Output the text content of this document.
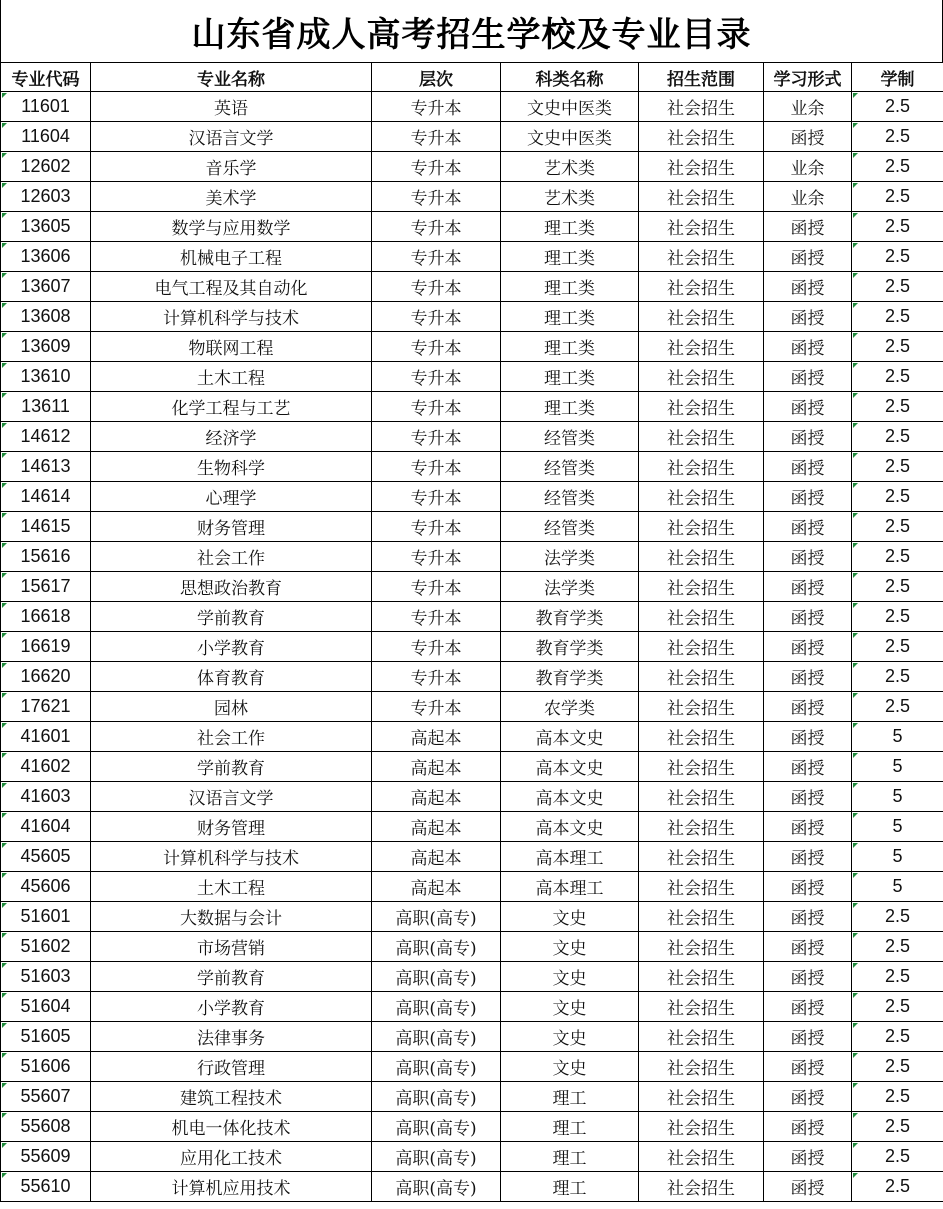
山东省成人高考招生学校及专业目录
专业代码	专业名称	层次	科类名称	招生范围	学习形式	学制
11601	英语	专升本	文史中医类	社会招生	业余	2.5
11604	汉语言文学	专升本	文史中医类	社会招生	函授	2.5
12602	音乐学	专升本	艺术类	社会招生	业余	2.5
12603	美术学	专升本	艺术类	社会招生	业余	2.5
13605	数学与应用数学	专升本	理工类	社会招生	函授	2.5
13606	机械电子工程	专升本	理工类	社会招生	函授	2.5
13607	电气工程及其自动化	专升本	理工类	社会招生	函授	2.5
13608	计算机科学与技术	专升本	理工类	社会招生	函授	2.5
13609	物联网工程	专升本	理工类	社会招生	函授	2.5
13610	土木工程	专升本	理工类	社会招生	函授	2.5
13611	化学工程与工艺	专升本	理工类	社会招生	函授	2.5
14612	经济学	专升本	经管类	社会招生	函授	2.5
14613	生物科学	专升本	经管类	社会招生	函授	2.5
14614	心理学	专升本	经管类	社会招生	函授	2.5
14615	财务管理	专升本	经管类	社会招生	函授	2.5
15616	社会工作	专升本	法学类	社会招生	函授	2.5
15617	思想政治教育	专升本	法学类	社会招生	函授	2.5
16618	学前教育	专升本	教育学类	社会招生	函授	2.5
16619	小学教育	专升本	教育学类	社会招生	函授	2.5
16620	体育教育	专升本	教育学类	社会招生	函授	2.5
17621	园林	专升本	农学类	社会招生	函授	2.5
41601	社会工作	高起本	高本文史	社会招生	函授	5
41602	学前教育	高起本	高本文史	社会招生	函授	5
41603	汉语言文学	高起本	高本文史	社会招生	函授	5
41604	财务管理	高起本	高本文史	社会招生	函授	5
45605	计算机科学与技术	高起本	高本理工	社会招生	函授	5
45606	土木工程	高起本	高本理工	社会招生	函授	5
51601	大数据与会计	高职(高专)	文史	社会招生	函授	2.5
51602	市场营销	高职(高专)	文史	社会招生	函授	2.5
51603	学前教育	高职(高专)	文史	社会招生	函授	2.5
51604	小学教育	高职(高专)	文史	社会招生	函授	2.5
51605	法律事务	高职(高专)	文史	社会招生	函授	2.5
51606	行政管理	高职(高专)	文史	社会招生	函授	2.5
55607	建筑工程技术	高职(高专)	理工	社会招生	函授	2.5
55608	机电一体化技术	高职(高专)	理工	社会招生	函授	2.5
55609	应用化工技术	高职(高专)	理工	社会招生	函授	2.5
55610	计算机应用技术	高职(高专)	理工	社会招生	函授	2.5
